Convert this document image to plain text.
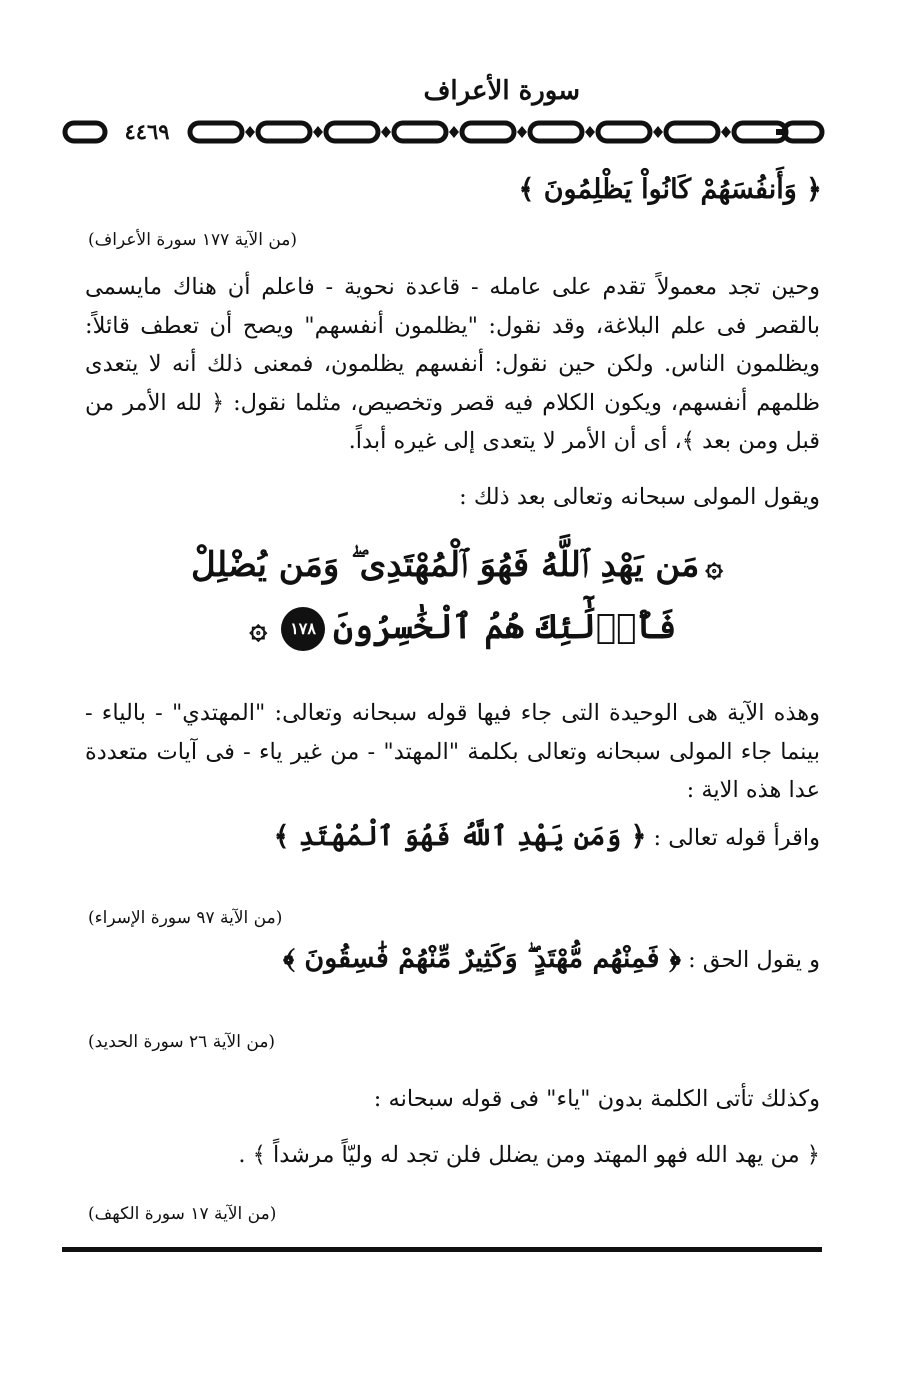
سورة الأعراف
٤٤٦٩
﴿ وَأَنفُسَهُمْ كَانُواْ يَظْلِمُونَ ﴾
(من الآية ١٧٧ سورة الأعراف)

وحين تجد معمولاً تقدم على عامله - قاعدة نحوية - فاعلم أن هناك مايسمى بالقصر فى علم البلاغة، وقد نقول: "يظلمون أنفسهم" ويصح أن تعطف قائلاً: ويظلمون الناس. ولكن حين نقول: أنفسهم يظلمون، فمعنى ذلك أنه لا يتعدى ظلمهم أنفسهم، ويكون الكلام فيه قصر وتخصيص، مثلما نقول: ﴿ لله الأمر من قبل ومن بعد ﴾، أى أن الأمر لا يتعدى إلى غيره أبداً.

ويقول المولى سبحانه وتعالى بعد ذلك :
۞مَن يَهْدِ ٱللَّهُ فَهُوَ ٱلْمُهْتَدِى ۖ وَمَن يُضْلِلْ
فَأُو۟لَٰٓئِكَ هُمُ ٱلْخَٰسِرُونَ١٧٨۞

وهذه الآية هى الوحيدة التى جاء فيها قوله سبحانه وتعالى: "المهتدي" - بالياء - بينما جاء المولى سبحانه وتعالى بكلمة "المهتد" - من غير ياء - فى آيات متعددة عدا هذه الاية :

واقرأ قوله تعالى : ﴿ وَمَن يَهْدِ ٱللَّهُ فَهُوَ ٱلْمُهْتَدِ ﴾
(من الآية ٩٧ سورة الإسراء)
و يقول الحق : ﴿ فَمِنْهُم مُّهْتَدٍ ۖ وَكَثِيرٌ مِّنْهُمْ فَٰسِقُونَ ﴾
(من الآية ٢٦ سورة الحديد)
وكذلك تأتى الكلمة بدون "ياء" فى قوله سبحانه :
﴿ من يهد الله فهو المهتد ومن يضلل فلن تجد له وليّاً مرشداً ﴾ .
(من الآية ١٧ سورة الكهف)
